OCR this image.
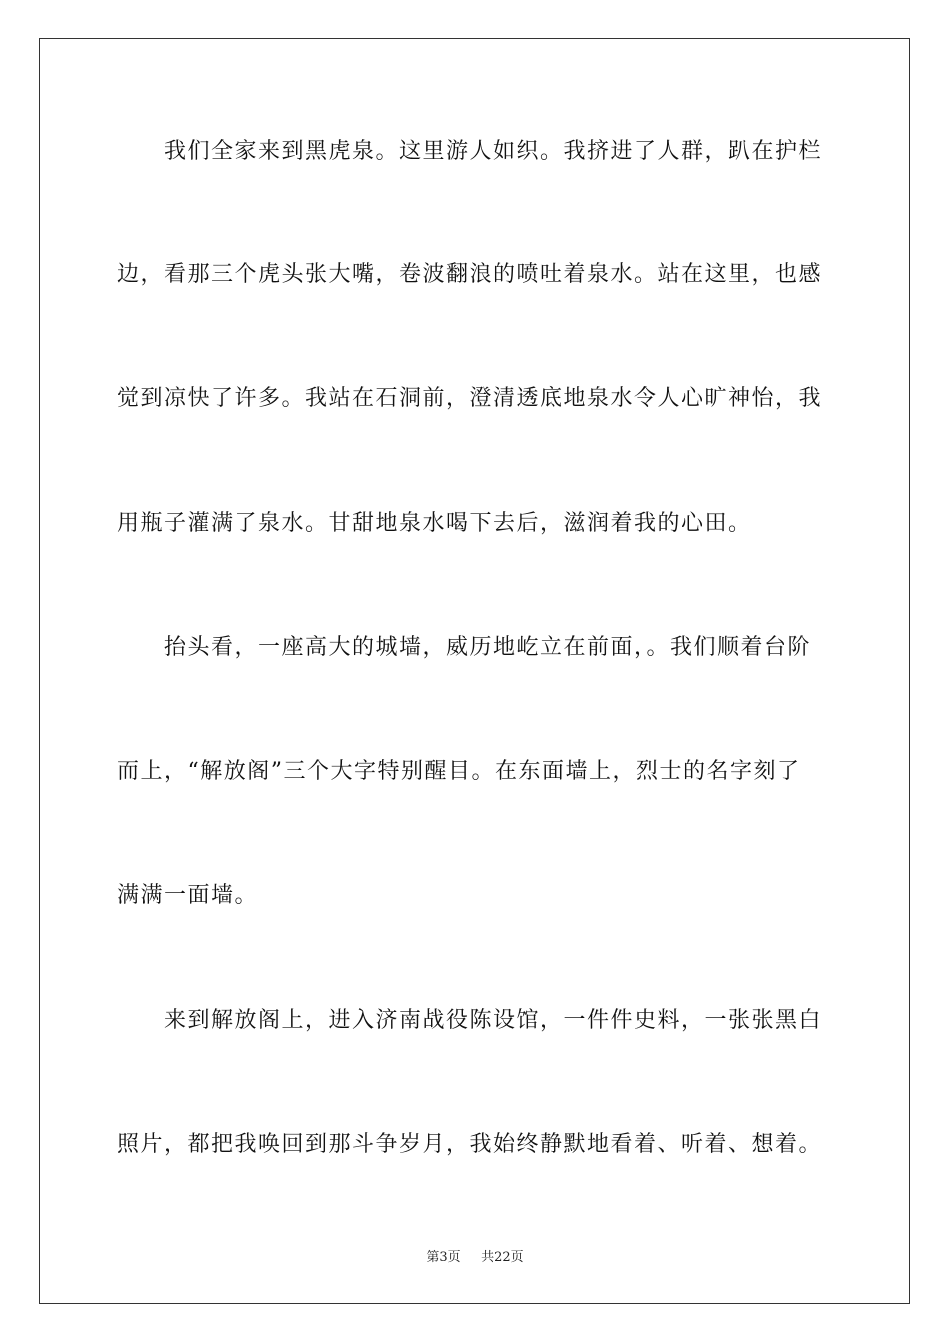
我们全家来到黑虎泉。这里游人如织。我挤进了人群，趴在护栏
边，看那三个虎头张大嘴，卷波翻浪的喷吐着泉水。站在这里，也感
觉到凉快了许多。我站在石洞前，澄清透底地泉水令人心旷神怡，我
用瓶子灌满了泉水。甘甜地泉水喝下去后，滋润着我的心田。
抬头看，一座高大的城墙，威历地屹立在前面，。我们顺着台阶
而上，“解放阁”三个大字特别醒目。在东面墙上，烈士的名字刻了
满满一面墙。
来到解放阁上，进入济南战役陈设馆，一件件史料，一张张黑白
照片，都把我唤回到那斗争岁月，我始终静默地看着、听着、想着。
第3页 共22页
